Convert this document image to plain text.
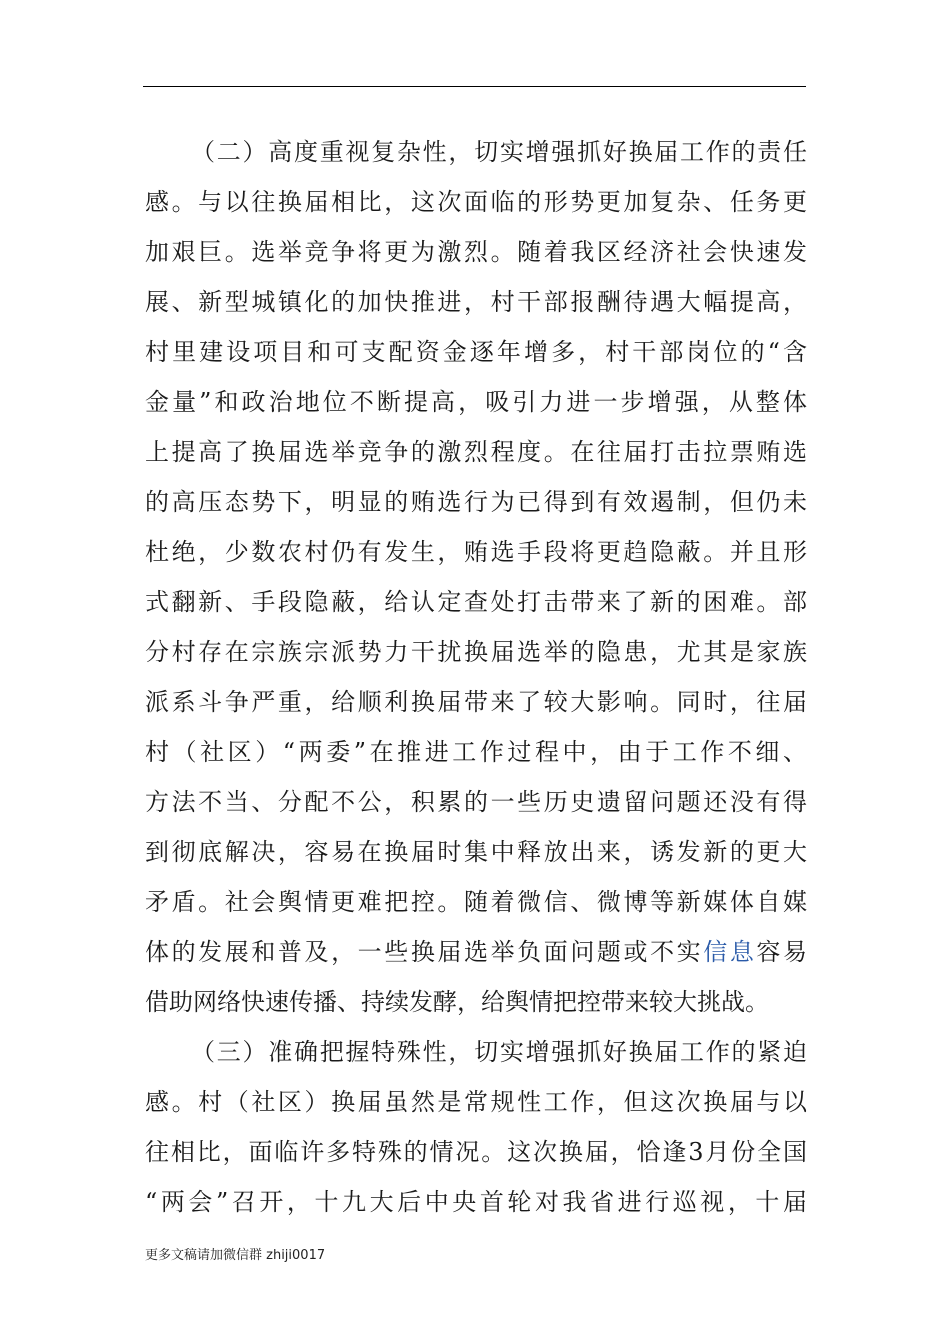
（二）高度重视复杂性，切实增强抓好换届工作的责任
感。与以往换届相比，这次面临的形势更加复杂、任务更
加艰巨。选举竞争将更为激烈。随着我区经济社会快速发
展、新型城镇化的加快推进，村干部报酬待遇大幅提高，
村里建设项目和可支配资金逐年增多，村干部岗位的“含
金量”和政治地位不断提高，吸引力进一步增强，从整体
上提高了换届选举竞争的激烈程度。在往届打击拉票贿选
的高压态势下，明显的贿选行为已得到有效遏制，但仍未
杜绝，少数农村仍有发生，贿选手段将更趋隐蔽。并且形
式翻新、手段隐蔽，给认定查处打击带来了新的困难。部
分村存在宗族宗派势力干扰换届选举的隐患，尤其是家族
派系斗争严重，给顺利换届带来了较大影响。同时，往届
村（社区）“两委”在推进工作过程中，由于工作不细、
方法不当、分配不公，积累的一些历史遗留问题还没有得
到彻底解决，容易在换届时集中释放出来，诱发新的更大
矛盾。社会舆情更难把控。随着微信、微博等新媒体自媒
体的发展和普及，一些换届选举负面问题或不实信息容易
借助网络快速传播、持续发酵，给舆情把控带来较大挑战。
（三）准确把握特殊性，切实增强抓好换届工作的紧迫
感。村（社区）换届虽然是常规性工作，但这次换届与以
往相比，面临许多特殊的情况。这次换届，恰逢3月份全国
“两会”召开，十九大后中央首轮对我省进行巡视，十届
更多文稿请加微信群 zhiji0017
